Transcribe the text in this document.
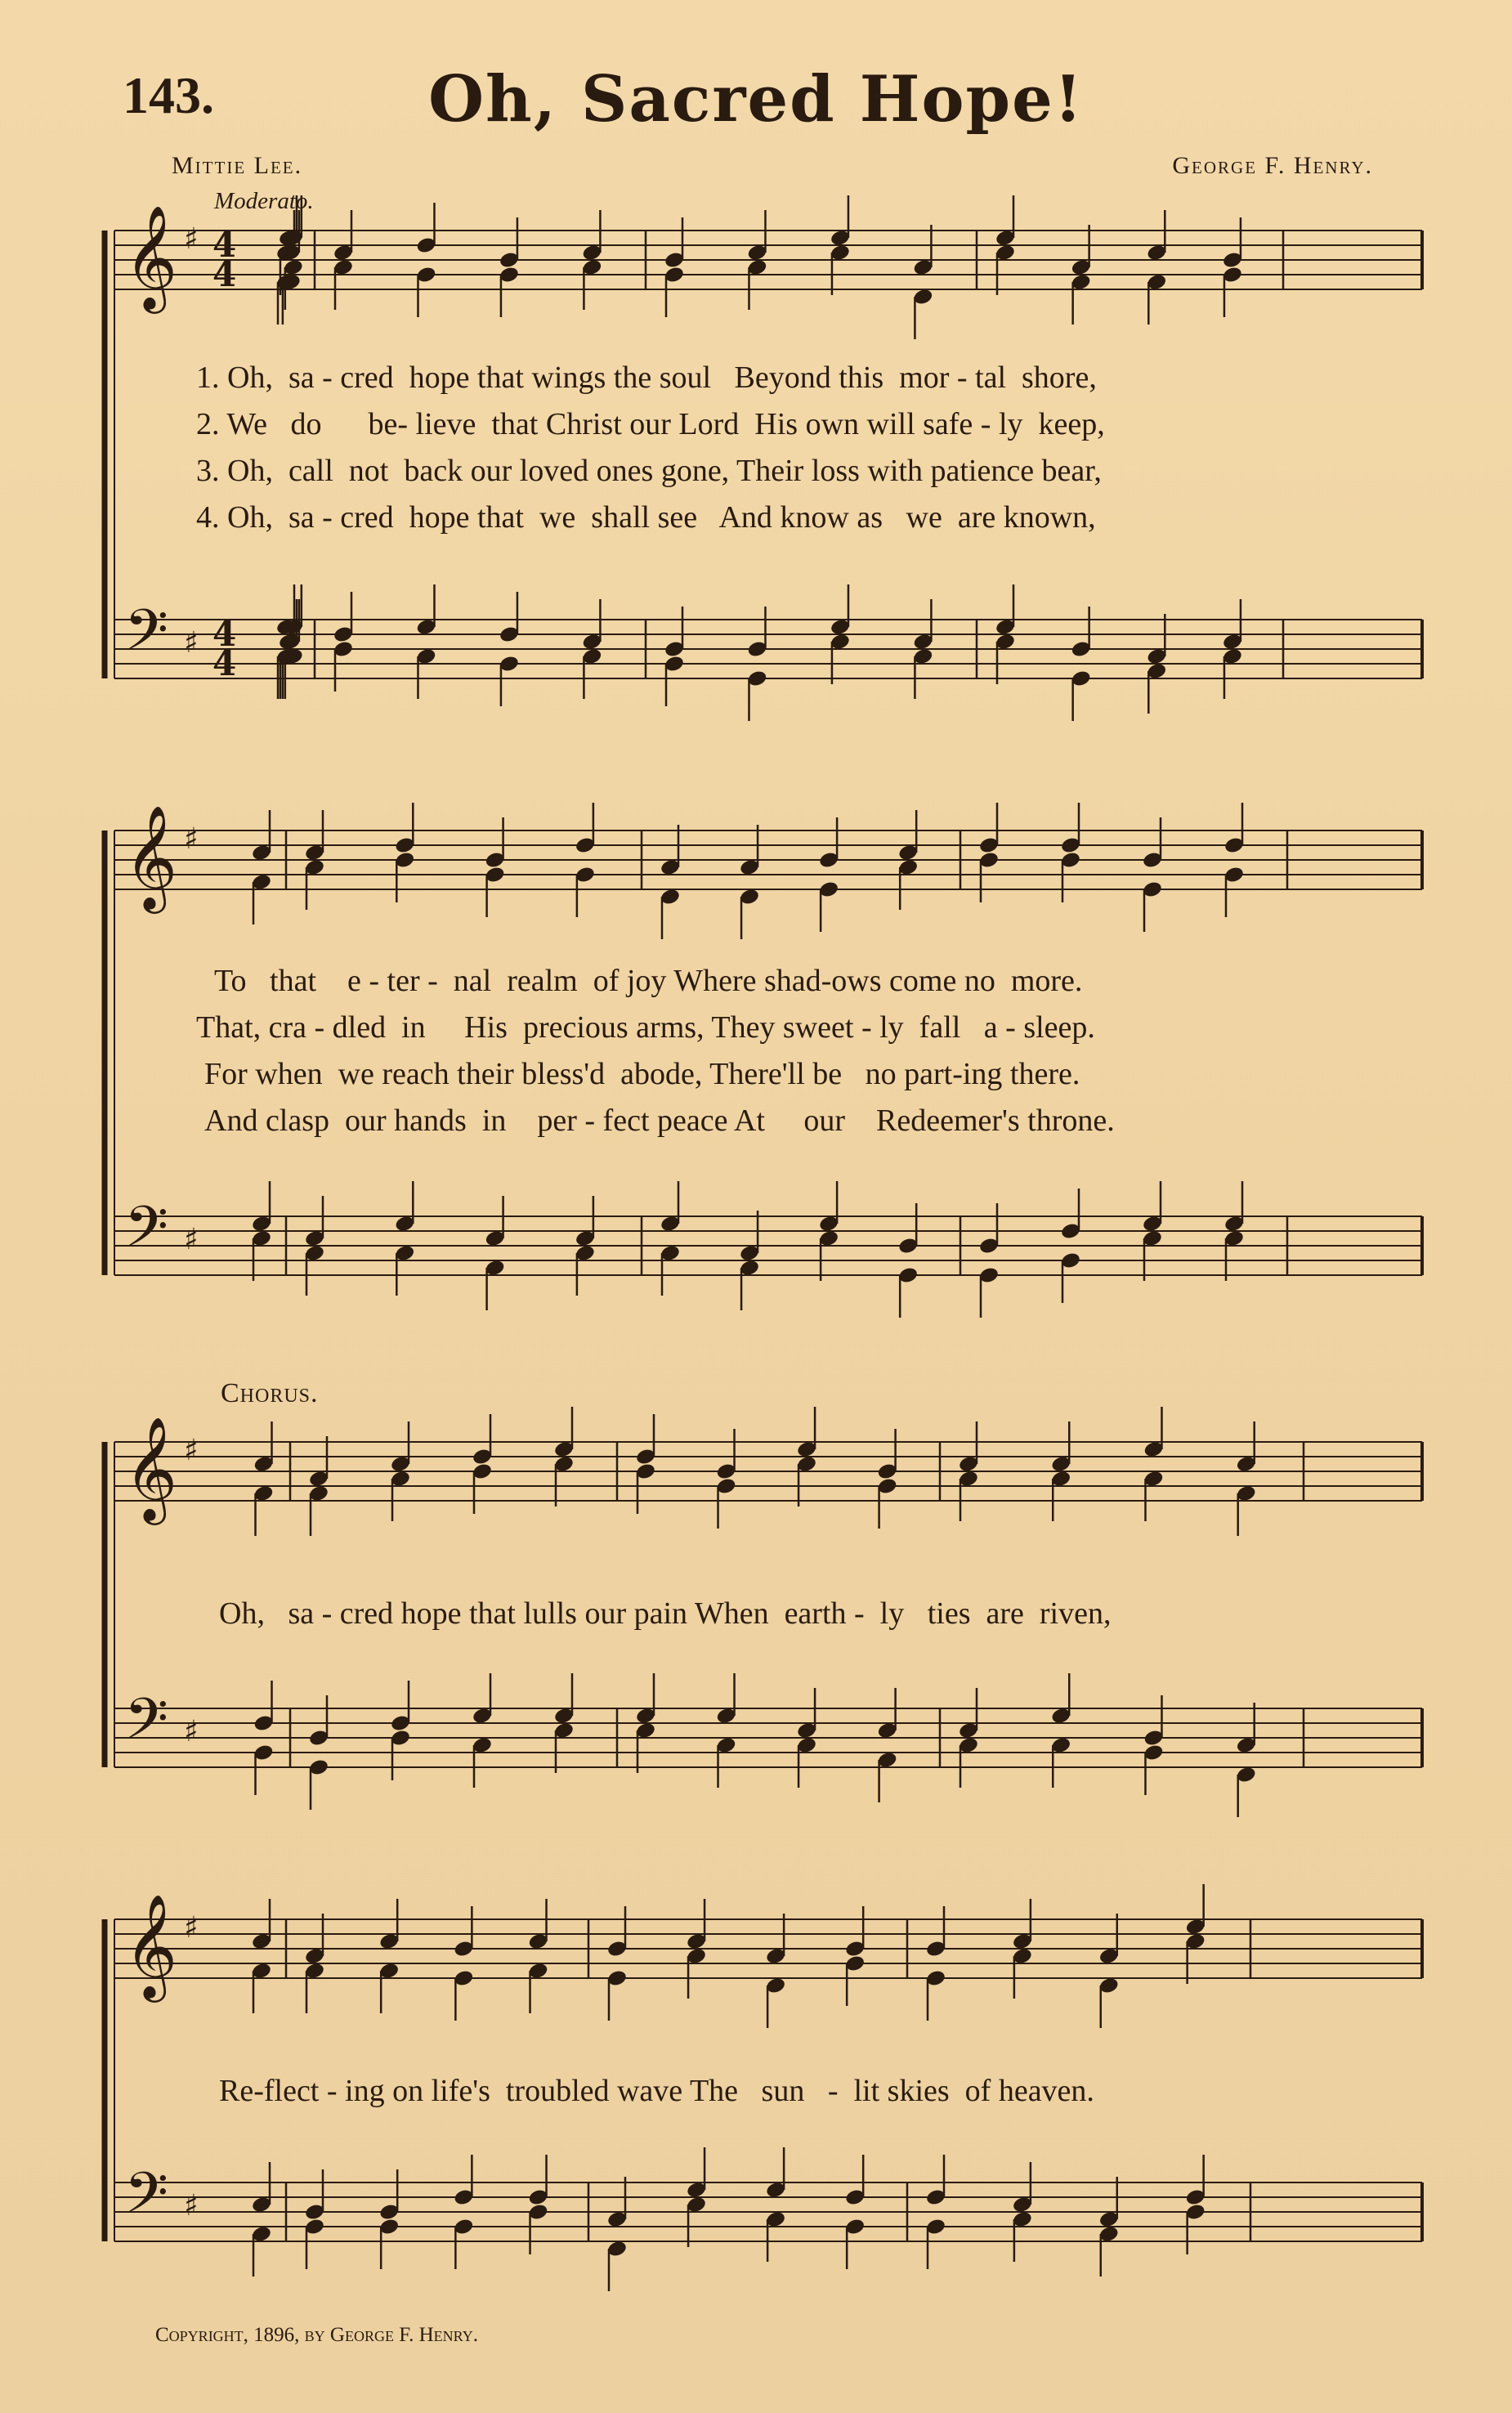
143.	Oh, Sacred Hope!
Mittie Lee.	George F. Henry.
Moderato.
𝄞 ♯ 4
4
𝄢 ♯ 4
4
𝄞 ♯
𝄢 ♯
𝄞 ♯
𝄢 ♯
𝄞 ♯
𝄢 ♯
1. Oh,  sa - cred  hope that wings the soul   Beyond this  mor - tal  shore,
2. We   do      be- lieve  that Christ our Lord  His own will safe - ly  keep,
3. Oh,  call  not  back our loved ones gone, Their loss with patience bear,
4. Oh,  sa - cred  hope that  we  shall see   And know as   we  are known,
To   that    e - ter -  nal  realm  of joy Where shad-ows come no  more.
That, cra - dled  in     His  precious arms, They sweet - ly  fall   a - sleep.
For when  we reach their bless'd  abode, There'll be   no part-ing there.
And clasp  our hands  in    per - fect peace At     our    Redeemer's throne.
Chorus.
Oh,   sa - cred hope that lulls our pain When  earth -  ly   ties  are  riven,
Re-flect - ing on life's  troubled wave The   sun   -  lit skies  of heaven.
Copyright, 1896, by George F. Henry.
